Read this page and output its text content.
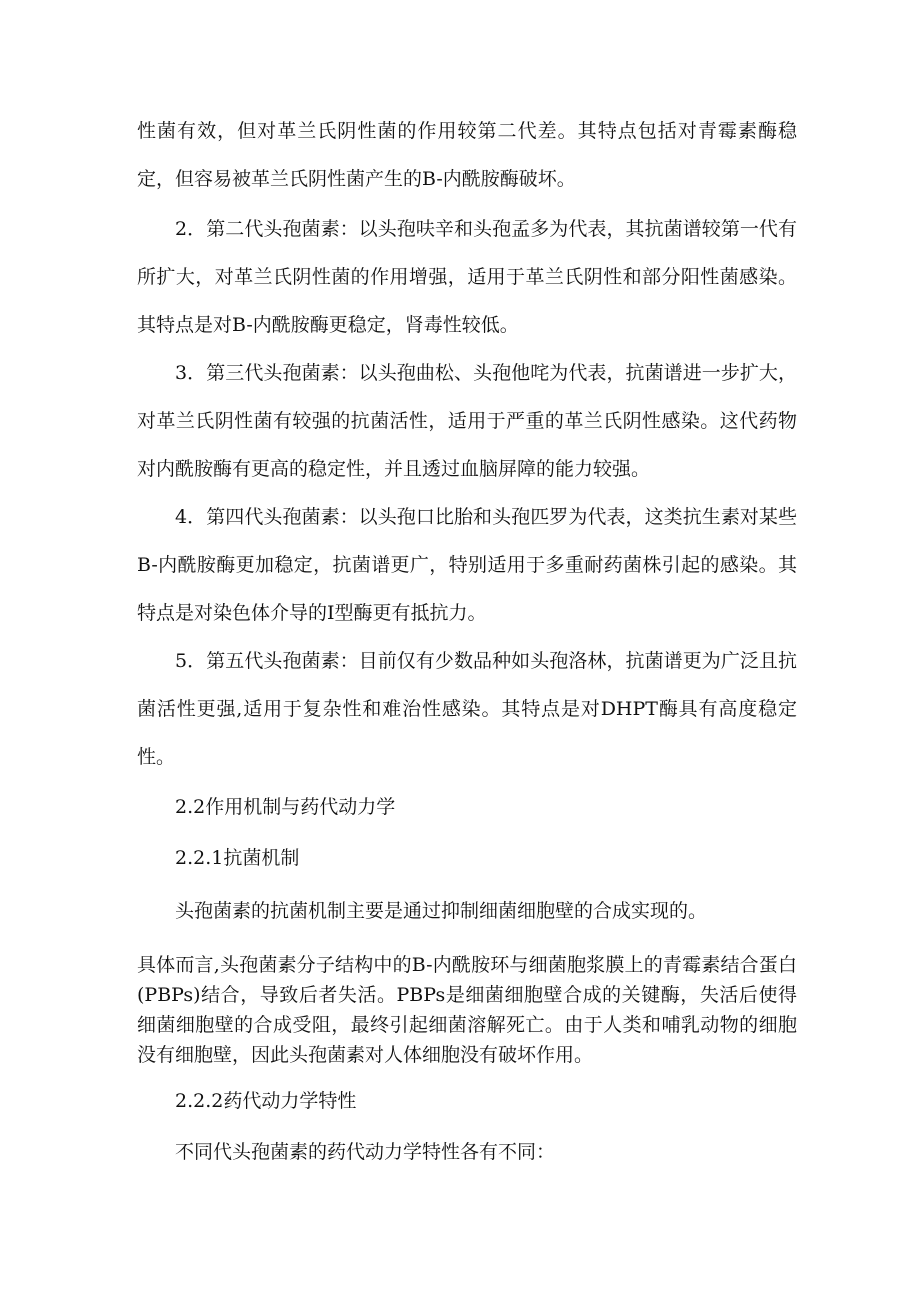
性菌有效，但对革兰氏阴性菌的作用较第二代差。其特点包括对青霉素酶稳定，但容易被革兰氏阴性菌产生的B-内酰胺酶破坏。

2．第二代头孢菌素：以头孢呋辛和头孢孟多为代表，其抗菌谱较第一代有所扩大，对革兰氏阴性菌的作用增强，适用于革兰氏阴性和部分阳性菌感染。其特点是对B-内酰胺酶更稳定，肾毒性较低。

3．第三代头孢菌素：以头孢曲松、头孢他咤为代表，抗菌谱进一步扩大，对革兰氏阴性菌有较强的抗菌活性，适用于严重的革兰氏阴性感染。这代药物对内酰胺酶有更高的稳定性，并且透过血脑屏障的能力较强。

4．第四代头孢菌素：以头孢口比胎和头孢匹罗为代表，这类抗生素对某些B-内酰胺酶更加稳定，抗菌谱更广，特别适用于多重耐药菌株引起的感染。其特点是对染色体介导的I型酶更有抵抗力。

5．第五代头孢菌素：目前仅有少数品种如头孢洛林，抗菌谱更为广泛且抗菌活性更强,适用于复杂性和难治性感染。其特点是对DHPT酶具有高度稳定性。

2.2作用机制与药代动力学

2.2.1抗菌机制

头孢菌素的抗菌机制主要是通过抑制细菌细胞壁的合成实现的。

具体而言,头孢菌素分子结构中的B-内酰胺环与细菌胞浆膜上的青霉素结合蛋白(PBPs)结合，导致后者失活。PBPs是细菌细胞壁合成的关键酶，失活后使得细菌细胞壁的合成受阻，最终引起细菌溶解死亡。由于人类和哺乳动物的细胞没有细胞壁，因此头孢菌素对人体细胞没有破坏作用。

2.2.2药代动力学特性

不同代头孢菌素的药代动力学特性各有不同：
